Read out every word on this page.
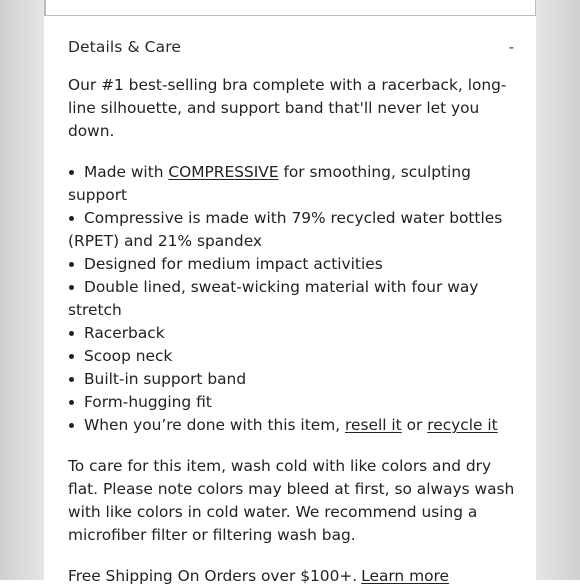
Details & Care	-

Our #1 best-selling bra complete with a racerback, long-line silhouette, and support band that'll never let you down.

Made with COMPRESSIVE for smoothing, sculpting support
Compressive is made with 79% recycled water bottles (RPET) and 21% spandex
Designed for medium impact activities
Double lined, sweat-wicking material with four way stretch
Racerback
Scoop neck
Built-in support band
Form-hugging fit
When you’re done with this item, resell it or recycle it

To care for this item, wash cold with like colors and dry flat. Please note colors may bleed at first, so always wash with like colors in cold water. We recommend using a microfiber filter or filtering wash bag.

Free Shipping On Orders over $100+. Learn more
